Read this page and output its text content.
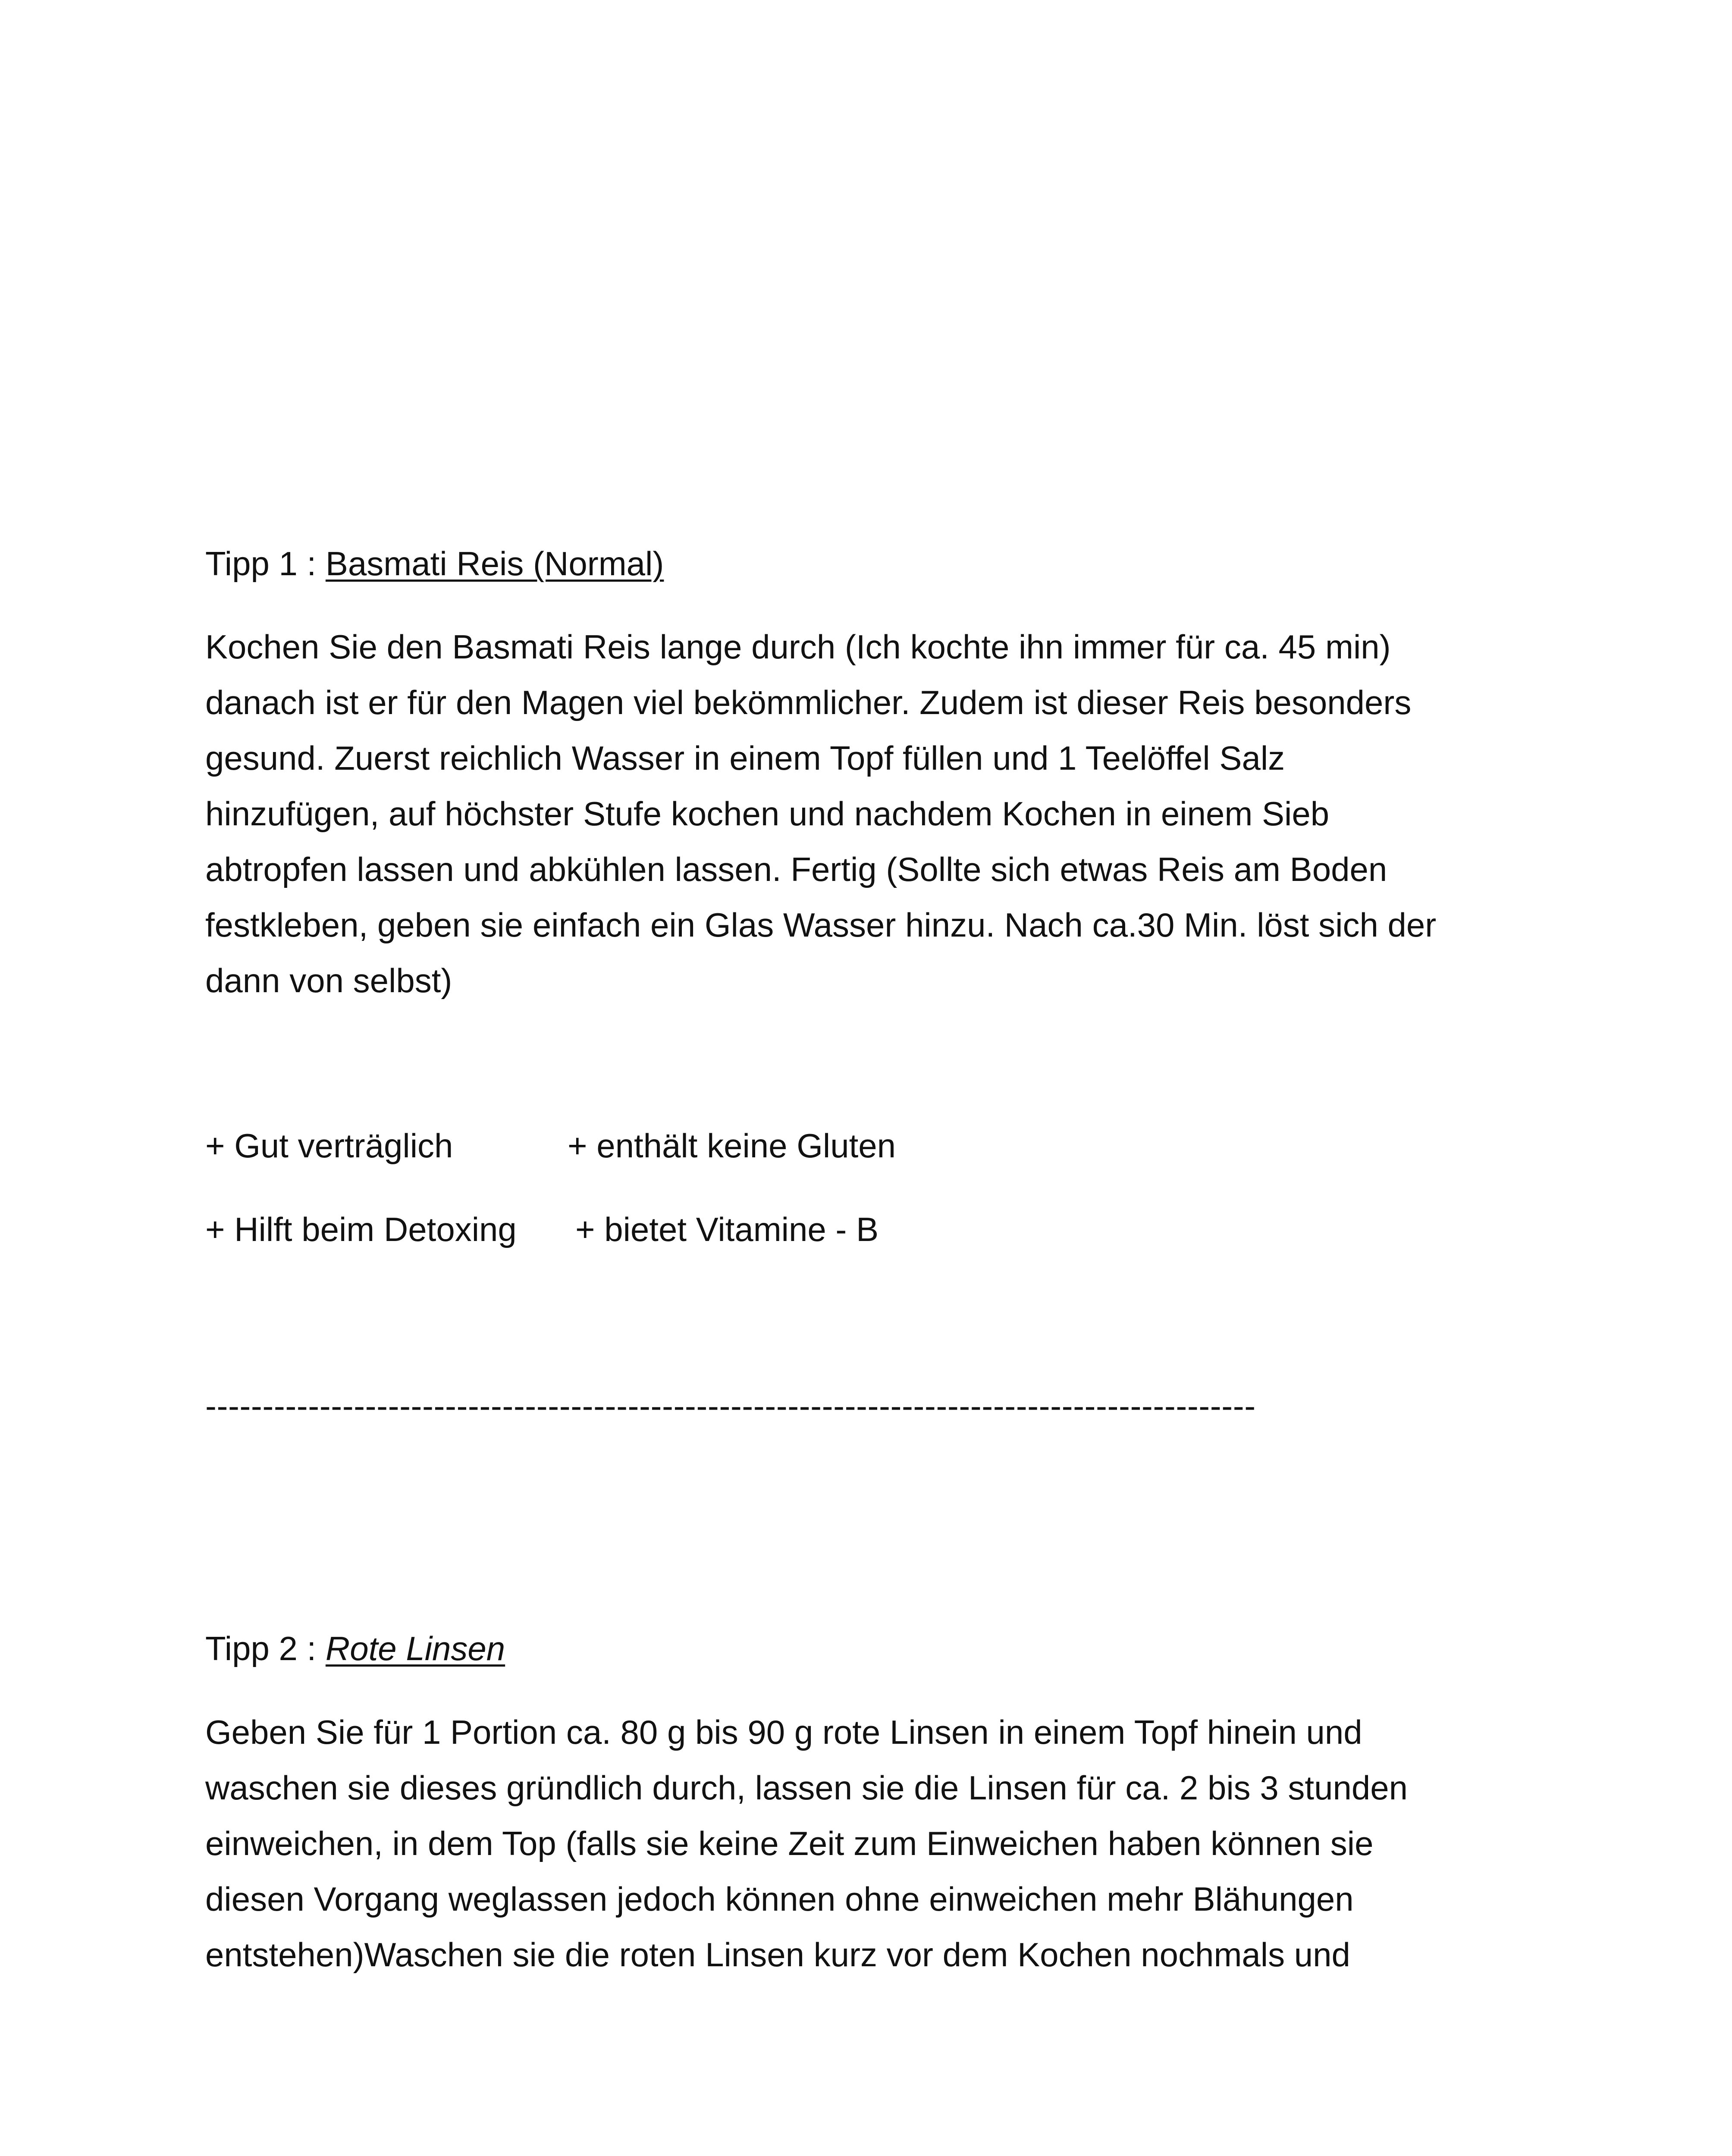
Tipp 1 : Basmati Reis (Normal)
Kochen Sie den Basmati Reis lange durch (Ich kochte ihn immer für ca. 45 min)
danach ist er für den Magen viel bekömmlicher. Zudem ist dieser Reis besonders
gesund. Zuerst reichlich Wasser in einem Topf füllen und 1 Teelöffel Salz
hinzufügen, auf höchster Stufe kochen und nachdem Kochen in einem Sieb
abtropfen lassen und abkühlen lassen. Fertig (Sollte sich etwas Reis am Boden
festkleben, geben sie einfach ein Glas Wasser hinzu. Nach ca.30 Min. löst sich der
dann von selbst)
+ Gut verträglich	+ enthält keine Gluten
+ Hilft beim Detoxing + bietet Vitamine - B
--------------------------------------------------------------------------------------------
Tipp 2 : Rote Linsen
Geben Sie für 1 Portion ca. 80 g bis 90 g rote Linsen in einem Topf hinein und
waschen sie dieses gründlich durch, lassen sie die Linsen für ca. 2 bis 3 stunden
einweichen, in dem Top (falls sie keine Zeit zum Einweichen haben können sie
diesen Vorgang weglassen jedoch können ohne einweichen mehr Blähungen
entstehen)Waschen sie die roten Linsen kurz vor dem Kochen nochmals und
